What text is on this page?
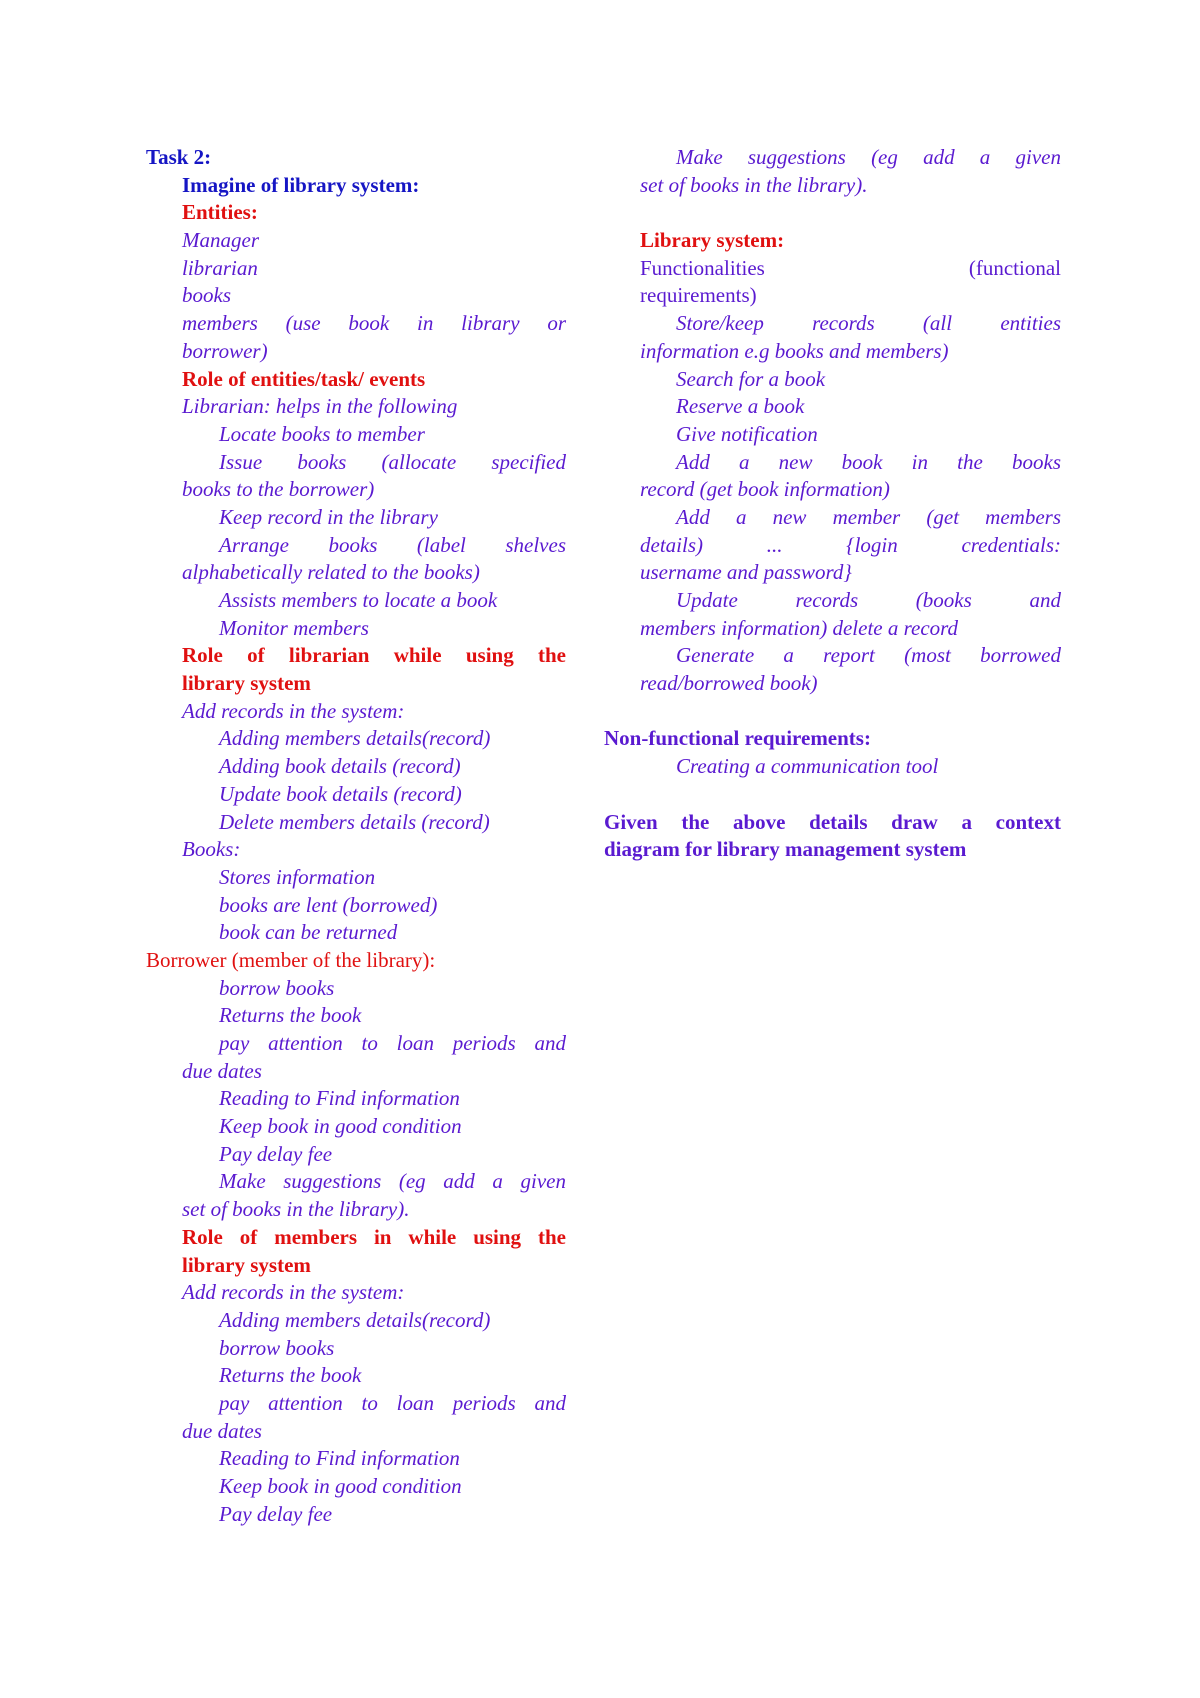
Task 2:
Imagine of library system:
Entities:
Manager
librarian
books
members (use book in library or
borrower)
Role of entities/task/ events
Librarian: helps in the following
Locate books to member
Issue books (allocate specified
books to the borrower)
Keep record in the library
Arrange books (label shelves
alphabetically related to the books)
Assists members to locate a book
Monitor members
Role of librarian while using the
library system
Add records in the system:
Adding members details(record)
Adding book details (record)
Update book details (record)
Delete members details (record)
Books:
Stores information
books are lent (borrowed)
book can be returned
Borrower (member of the library):
borrow books
Returns the book
pay attention to loan periods and
due dates
Reading to Find information
Keep book in good condition
Pay delay fee
Make suggestions (eg add a given
set of books in the library).
Role of members in while using the
library system
Add records in the system:
Adding members details(record)
borrow books
Returns the book
pay attention to loan periods and
due dates
Reading to Find information
Keep book in good condition
Pay delay fee
Make suggestions (eg add a given
set of books in the library).
Library system:
Functionalities (functional
requirements)
Store/keep records (all entities
information e.g books and members)
Search for a book
Reserve a book
Give notification
Add a new book in the books
record (get book information)
Add a new member (get members
details) ... {login credentials:
username and password}
Update records (books and
members information) delete a record
Generate a report (most borrowed
read/borrowed book)
Non-functional requirements:
Creating a communication tool
Given the above details draw a context
diagram for library management system
